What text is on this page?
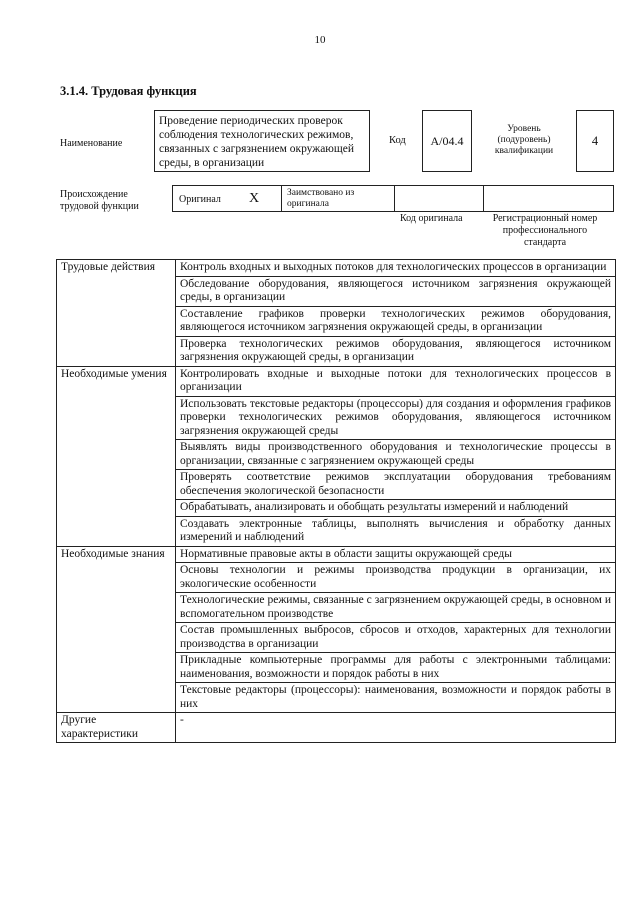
10
3.1.4. Трудовая функция
Наименование
Проведение периодических проверок соблюдения технологических режимов, связанных с загрязнением окружающей среды, в организации
Код A/04.4
Уровень (подуровень) квалификации
4
Происхождение трудовой функции
Оригинал X	Заимствовано из оригинала
Код оригинала	Регистрационный номер профессионального стандарта
Трудовые действия	Контроль входных и выходных потоков для технологических процессов в организации
	Обследование оборудования, являющегося источником загрязнения окружающей среды, в организации
	Составление графиков проверки технологических режимов оборудования, являющегося источником загрязнения окружающей среды, в организации
	Проверка технологических режимов оборудования, являющегося источником загрязнения окружающей среды, в организации
Необходимые умения	Контролировать входные и выходные потоки для технологических процессов в организации
	Использовать текстовые редакторы (процессоры) для создания и оформления графиков проверки технологических режимов оборудования, являющегося источником загрязнения окружающей среды
	Выявлять виды производственного оборудования и технологические процессы в организации, связанные с загрязнением окружающей среды
	Проверять соответствие режимов эксплуатации оборудования требованиям обеспечения экологической безопасности
	Обрабатывать, анализировать и обобщать результаты измерений и наблюдений
	Создавать электронные таблицы, выполнять вычисления и обработку данных измерений и наблюдений
Необходимые знания	Нормативные правовые акты в области защиты окружающей среды
	Основы технологии и режимы производства продукции в организации, их экологические особенности
	Технологические режимы, связанные с загрязнением окружающей среды, в основном и вспомогательном производстве
	Состав промышленных выбросов, сбросов и отходов, характерных для технологии производства в организации
	Прикладные компьютерные программы для работы с электронными таблицами: наименования, возможности и порядок работы в них
	Текстовые редакторы (процессоры): наименования, возможности и порядок работы в них
Другие характеристики	-
